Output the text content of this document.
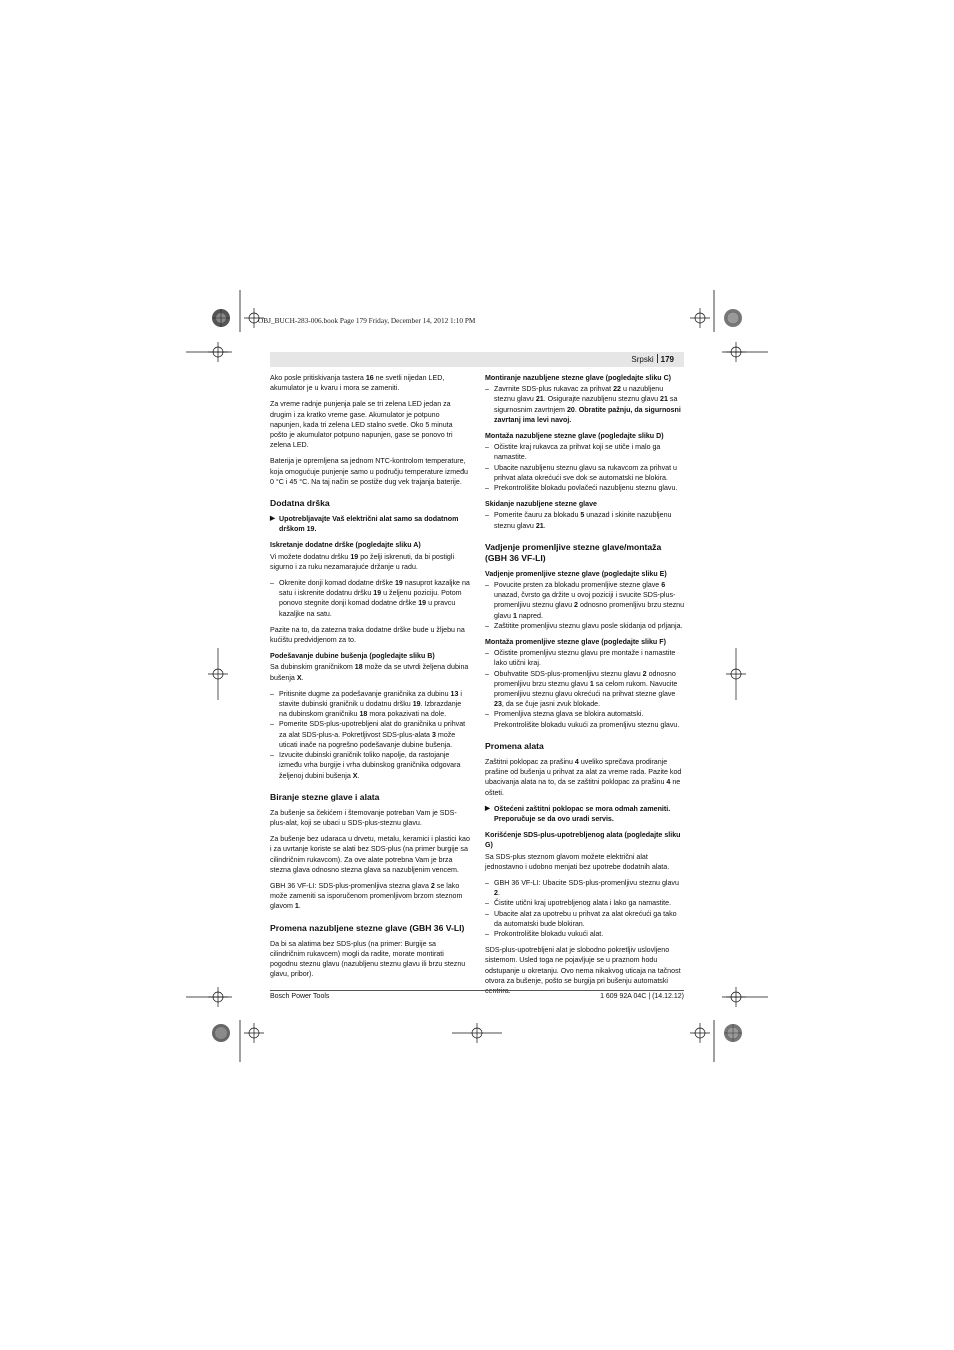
OBJ_BUCH-283-006.book Page 179 Friday, December 14, 2012 1:10 PM
Srpski 179

Ako posle pritiskivanja tastera 16 ne svetli nijedan LED, akumulator je u kvaru i mora se zameniti.

Za vreme radnje punjenja pale se tri zelena LED jedan za drugim i za kratko vreme gase. Akumulator je potpuno napunjen, kada tri zelena LED stalno svetle. Oko 5 minuta pošto je akumulator potpuno napunjen, gase se ponovo tri zelena LED.

Baterija je opremljena sa jednom NTC-kontrolom temperature, koja omogućuje punjenje samo u području temperature između 0 °C i 45 °C. Na taj način se postiže dug vek trajanja baterije.

Dodatna drška
▶ Upotrebljavajte Vaš električni alat samo sa dodatnom drškom 19.
Iskretanje dodatne drške (pogledajte sliku A)

Vi možete dodatnu dršku 19 po želji iskrenuti, da bi postigli sigurno i za ruku nezamarajuće držanje u radu.

– Okrenite donji komad dodatne drške 19 nasuprot kazaljke na satu i iskrenite dodatnu dršku 19 u željenu poziciju. Potom ponovo stegnite donji komad dodatne drške 19 u pravcu kazaljke na satu.

Pazite na to, da zatezna traka dodatne drške bude u žljebu na kućištu predvidjenom za to.

Podešavanje dubine bušenja (pogledajte sliku B)

Sa dubinskim graničnikom 18 može da se utvrdi željena dubina bušenja X.

– Pritisnite dugme za podešavanje graničnika za dubinu 13 i stavite dubinski graničnik u dodatnu dršku 19. Izbrazdanje na dubinskom graničniku 18 mora pokazivati na dole.
– Pomerite SDS-plus-upotrebljeni alat do graničnika u prihvat za alat SDS-plus-a. Pokretljivost SDS-plus-alata 3 može uticati inače na pogrešno podešavanje dubine bušenja.
– Izvucite dubinski graničnik toliko napolje, da rastojanje između vrha burgije i vrha dubinskog graničnika odgovara željenoj dubini bušenja X.
Biranje stezne glave i alata

Za bušenje sa čekićem i štemovanje potreban Vam je SDS-plus-alat, koji se ubaci u SDS-plus-steznu glavu.

Za bušenje bez udaraca u drvetu, metalu, keramici i plastici kao i za uvrtanje koriste se alati bez SDS-plus (na primer burgije sa cilindričnim rukavcom). Za ove alate potrebna Vam je brza stezna glava odnosno stezna glava sa nazubljenim vencem.

GBH 36 VF-LI: SDS-plus-promenljiva stezna glava 2 se lako može zameniti sa isporučenom promenljivom brzom steznom glavom 1.

Promena nazubljene stezne glave (GBH 36 V-LI)

Da bi sa alatima bez SDS-plus (na primer: Burgije sa cilindričnim rukavcem) mogli da radite, morate montirati pogodnu steznu glavu (nazubljenu steznu glavu ili brzu steznu glavu, pribor).

Montiranje nazubljene stezne glave (pogledajte sliku C)
– Zavrnite SDS-plus rukavac za prihvat 22 u nazubljenu steznu glavu 21. Osigurajte nazubljenu steznu glavu 21 sa sigurnosnim zavrtnjem 20. Obratite pažnju, da sigurnosni zavrtanj ima levi navoj.
Montaža nazubljene stezne glave (pogledajte sliku D)
– Očistite kraj rukavca za prihvat koji se utiče i malo ga namastite.
– Ubacite nazubljenu steznu glavu sa rukavcom za prihvat u prihvat alata okrećući sve dok se automatski ne blokira.
– Prekontrolišite blokadu povlačeći nazubljenu steznu glavu.
Skidanje nazubljene stezne glave
– Pomerite čauru za blokadu 5 unazad i skinite nazubljenu steznu glavu 21.
Vadjenje promenljive stezne glave/montaža (GBH 36 VF-LI)
Vadjenje promenljive stezne glave (pogledajte sliku E)
– Povucite prsten za blokadu promenljive stezne glave 6 unazad, čvrsto ga držite u ovoj poziciji i svucite SDS-plus-promenljivu steznu glavu 2 odnosno promenljivu brzu steznu glavu 1 napred.
– Zaštitite promenljivu steznu glavu posle skidanja od prljanja.
Montaža promenljive stezne glave (pogledajte sliku F)
– Očistite promenljivu steznu glavu pre montaže i namastite lako utični kraj.
– Obuhvatite SDS-plus-promenljivu steznu glavu 2 odnosno promenljivu brzu steznu glavu 1 sa celom rukom. Navucite promenljivu steznu glavu okrećući na prihvat stezne glave 23, da se čuje jasni zvuk blokade.
– Promenljiva stezna glava se blokira automatski. Prekontrolišite blokadu vukući za promenljivu steznu glavu.
Promena alata

Zaštitni poklopac za prašinu 4 uveliko sprečava prodiranje prašine od bušenja u prihvat za alat za vreme rada. Pazite kod ubacivanja alata na to, da se zaštitni poklopac za prašinu 4 ne ošteti.

▶ Oštećeni zaštitni poklopac se mora odmah zameniti. Preporučuje se da ovo uradi servis.
Korišćenje SDS-plus-upotrebljenog alata (pogledajte sliku G)

Sa SDS-plus steznom glavom možete električni alat jednostavno i udobno menjati bez upotrebe dodatnih alata.

– GBH 36 VF-LI: Ubacite SDS-plus-promenljivu steznu glavu 2.
– Čistite utični kraj upotrebljenog alata i lako ga namastite.
– Ubacite alat za upotrebu u prihvat za alat okrećući ga tako da automatski bude blokiran.
– Prokontrolišite blokadu vukući alat.

SDS-plus-upotrebljeni alat je slobodno pokretljiv uslovljeno sistemom. Usled toga ne pojavljuje se u praznom hodu odstupanje u okretanju. Ovo nema nikakvog uticaja na tačnost otvora za bušenje, pošto se burgija pri bušenju automatski

Bosch Power Tools	1 609 92A 04C | (14.12.12)
